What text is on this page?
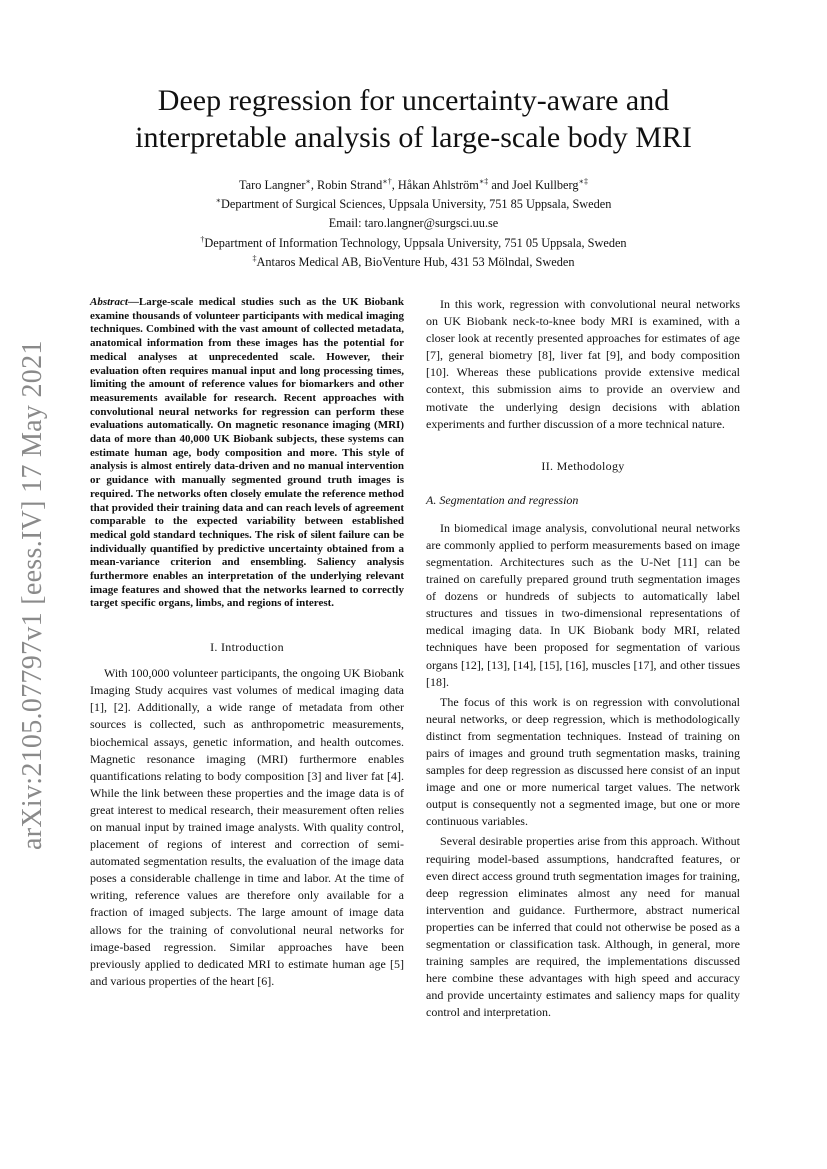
arXiv:2105.07797v1 [eess.IV] 17 May 2021
Deep regression for uncertainty-aware and
interpretable analysis of large-scale body MRI
Taro Langner∗, Robin Strand∗†, Håkan Ahlström∗‡ and Joel Kullberg∗‡
∗Department of Surgical Sciences, Uppsala University, 751 85 Uppsala, Sweden
Email: taro.langner@surgsci.uu.se
†Department of Information Technology, Uppsala University, 751 05 Uppsala, Sweden
‡Antaros Medical AB, BioVenture Hub, 431 53 Mölndal, Sweden

Abstract—Large-scale medical studies such as the UK Biobank examine thousands of volunteer participants with medical imaging techniques. Combined with the vast amount of collected metadata, anatomical information from these images has the potential for medical analyses at unprecedented scale. However, their evaluation often requires manual input and long processing times, limiting the amount of reference values for biomarkers and other measurements available for research. Recent approaches with convolutional neural networks for regression can perform these evaluations automatically. On magnetic resonance imaging (MRI) data of more than 40,000 UK Biobank subjects, these systems can estimate human age, body composition and more. This style of analysis is almost entirely data-driven and no manual intervention or guidance with manually segmented ground truth images is required. The networks often closely emulate the reference method that provided their training data and can reach levels of agreement comparable to the expected variability between established medical gold standard techniques. The risk of silent failure can be individually quantified by predictive uncertainty obtained from a mean-variance criterion and ensembling. Saliency analysis furthermore enables an interpretation of the underlying relevant image features and showed that the networks learned to correctly target specific organs, limbs, and regions of interest.

I. Introduction

With 100,000 volunteer participants, the ongoing UK Biobank Imaging Study acquires vast volumes of medical imaging data [1], [2]. Additionally, a wide range of metadata from other sources is collected, such as anthropometric measurements, biochemical assays, genetic information, and health outcomes. Magnetic resonance imaging (MRI) furthermore enables quantifications relating to body composition [3] and liver fat [4]. While the link between these properties and the image data is of great interest to medical research, their measurement often relies on manual input by trained image analysts. With quality control, placement of regions of interest and correction of semi-automated segmentation results, the evaluation of the image data poses a considerable challenge in time and labor. At the time of writing, reference values are therefore only available for a fraction of imaged subjects. The large amount of image data allows for the training of convolutional neural networks for image-based regression. Similar approaches have been previously applied to dedicated MRI to estimate human age [5] and various properties of the heart [6].

In this work, regression with convolutional neural networks on UK Biobank neck-to-knee body MRI is examined, with a closer look at recently presented approaches for estimates of age [7], general biometry [8], liver fat [9], and body composition [10]. Whereas these publications provide extensive medical context, this submission aims to provide an overview and motivate the underlying design decisions with ablation experiments and further discussion of a more technical nature.

II. Methodology

A. Segmentation and regression

In biomedical image analysis, convolutional neural networks are commonly applied to perform measurements based on image segmentation. Architectures such as the U-Net [11] can be trained on carefully prepared ground truth segmentation images of dozens or hundreds of subjects to automatically label structures and tissues in two-dimensional representations of medical imaging data. In UK Biobank body MRI, related techniques have been proposed for segmentation of various organs [12], [13], [14], [15], [16], muscles [17], and other tissues [18].

The focus of this work is on regression with convolutional neural networks, or deep regression, which is methodologically distinct from segmentation techniques. Instead of training on pairs of images and ground truth segmentation masks, training samples for deep regression as discussed here consist of an input image and one or more numerical target values. The network output is consequently not a segmented image, but one or more continuous variables.

Several desirable properties arise from this approach. Without requiring model-based assumptions, handcrafted features, or even direct access ground truth segmentation images for training, deep regression eliminates almost any need for manual intervention and guidance. Furthermore, abstract numerical properties can be inferred that could not otherwise be posed as a segmentation or classification task. Although, in general, more training samples are required, the implementations discussed here combine these advantages with high speed and accuracy and provide uncertainty estimates and saliency maps for quality control and interpretation.
